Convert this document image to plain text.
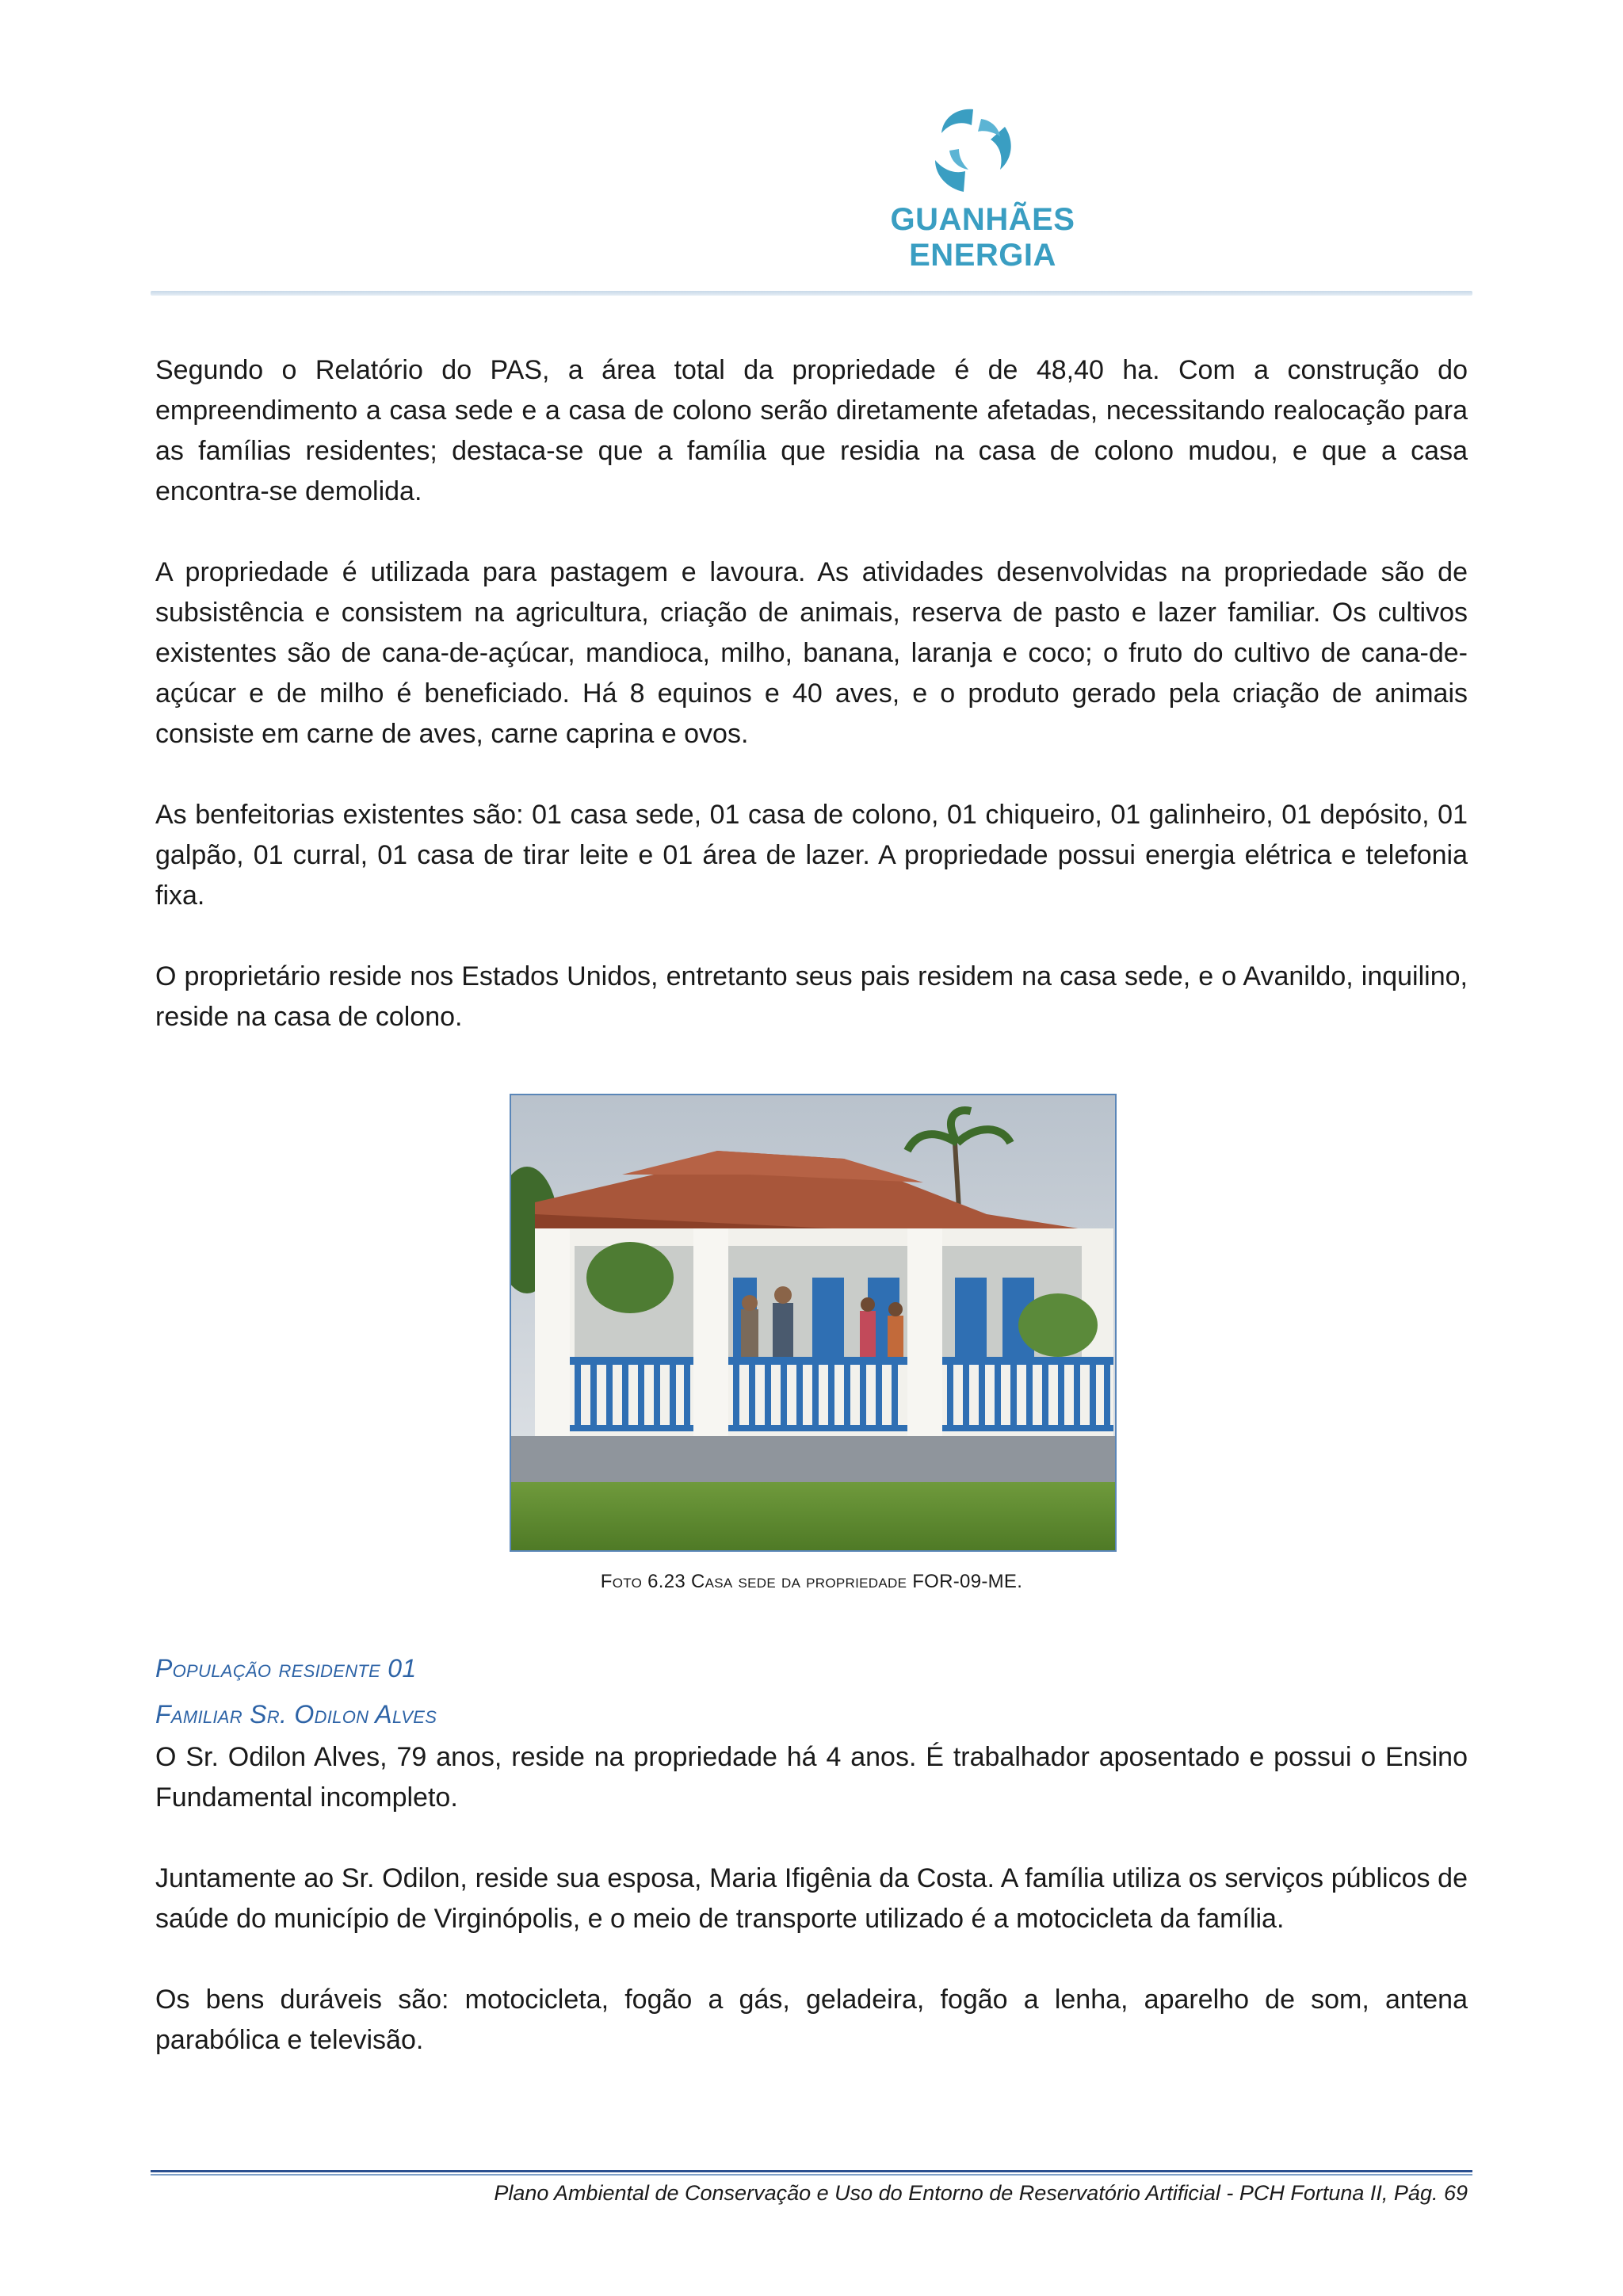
GUANHÃES ENERGIA

Segundo o Relatório do PAS, a área total da propriedade é de 48,40 ha. Com a construção do empreendimento a casa sede e a casa de colono serão diretamente afetadas, necessitando realocação para as famílias residentes; destaca-se que a família que residia na casa de colono mudou, e que a casa encontra-se demolida.

A propriedade é utilizada para pastagem e lavoura. As atividades desenvolvidas na propriedade são de subsistência e consistem na agricultura, criação de animais, reserva de pasto e lazer familiar. Os cultivos existentes são de cana-de-açúcar, mandioca, milho, banana, laranja e coco; o fruto do cultivo de cana-de-açúcar e de milho é beneficiado. Há 8 equinos e 40 aves, e o produto gerado pela criação de animais consiste em carne de aves, carne caprina e ovos.

As benfeitorias existentes são: 01 casa sede, 01 casa de colono, 01 chiqueiro, 01 galinheiro, 01 depósito, 01 galpão, 01 curral, 01 casa de tirar leite e 01 área de lazer. A propriedade possui energia elétrica e telefonia fixa.

O proprietário reside nos Estados Unidos, entretanto seus pais residem na casa sede, e o Avanildo, inquilino, reside na casa de colono.

Foto 6.23 Casa sede da propriedade FOR-09-ME.

População residente 01

Familiar Sr. Odilon Alves

O Sr. Odilon Alves, 79 anos, reside na propriedade há 4 anos. É trabalhador aposentado e possui o Ensino Fundamental incompleto.

Juntamente ao Sr. Odilon, reside sua esposa, Maria Ifigênia da Costa. A família utiliza os serviços públicos de saúde do município de Virginópolis, e o meio de transporte utilizado é a motocicleta da família.

Os bens duráveis são: motocicleta, fogão a gás, geladeira, fogão a lenha, aparelho de som, antena parabólica e televisão.

Plano Ambiental de Conservação e Uso do Entorno de Reservatório Artificial - PCH Fortuna II, Pág. 69
